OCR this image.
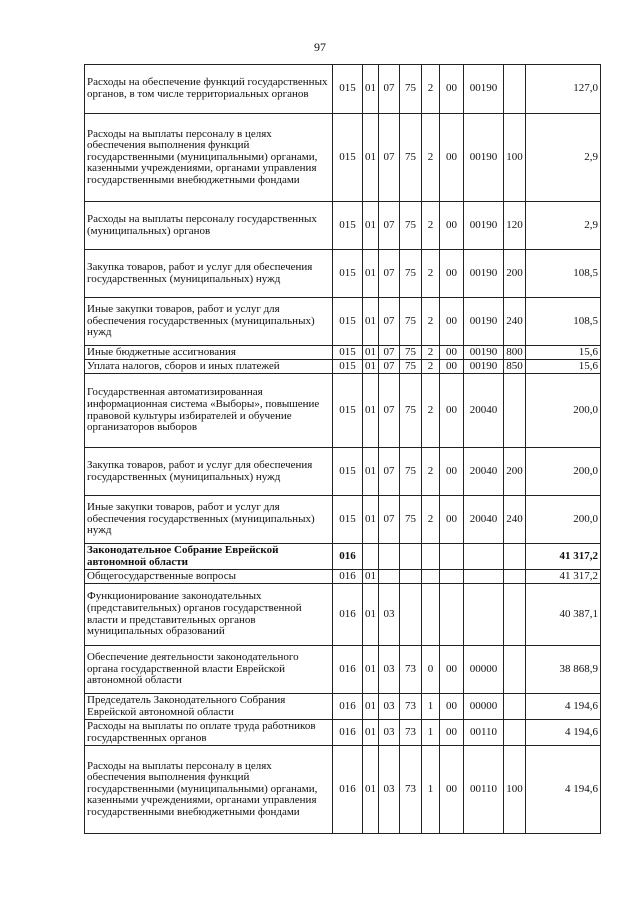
97
Расходы на обеспечение функций государственных органов, в том числе территориальных органов	015	01	07	75	2	00	00190		127,0
Расходы на выплаты персоналу в целях обеспечения выполнения функций государственными (муниципальными) органами, казенными учреждениями, органами управления государственными внебюджетными фондами	015	01	07	75	2	00	00190	100	2,9
Расходы на выплаты персоналу государственных (муниципальных) органов	015	01	07	75	2	00	00190	120	2,9
Закупка товаров, работ и услуг для обеспечения государственных (муниципальных) нужд	015	01	07	75	2	00	00190	200	108,5
Иные закупки товаров, работ и услуг для обеспечения государственных (муниципальных) нужд	015	01	07	75	2	00	00190	240	108,5
Иные бюджетные ассигнования	015	01	07	75	2	00	00190	800	15,6
Уплата налогов, сборов и иных платежей	015	01	07	75	2	00	00190	850	15,6
Государственная автоматизированная информационная система «Выборы», повышение правовой культуры избирателей и обучение организаторов выборов	015	01	07	75	2	00	20040		200,0
Закупка товаров, работ и услуг для обеспечения государственных (муниципальных) нужд	015	01	07	75	2	00	20040	200	200,0
Иные закупки товаров, работ и услуг для обеспечения государственных (муниципальных) нужд	015	01	07	75	2	00	20040	240	200,0
Законодательное Собрание Еврейской автономной области	016								41 317,2
Общегосударственные вопросы	016	01							41 317,2
Функционирование законодательных (представительных) органов государственной власти и представительных органов муниципальных образований	016	01	03						40 387,1
Обеспечение деятельности законодательного органа государственной власти Еврейской автономной области	016	01	03	73	0	00	00000		38 868,9
Председатель Законодательного Собрания Еврейской автономной области	016	01	03	73	1	00	00000		4 194,6
Расходы на выплаты по оплате труда работников государственных органов	016	01	03	73	1	00	00110		4 194,6
Расходы на выплаты персоналу в целях обеспечения выполнения функций государственными (муниципальными) органами, казенными учреждениями, органами управления государственными внебюджетными фондами	016	01	03	73	1	00	00110	100	4 194,6
